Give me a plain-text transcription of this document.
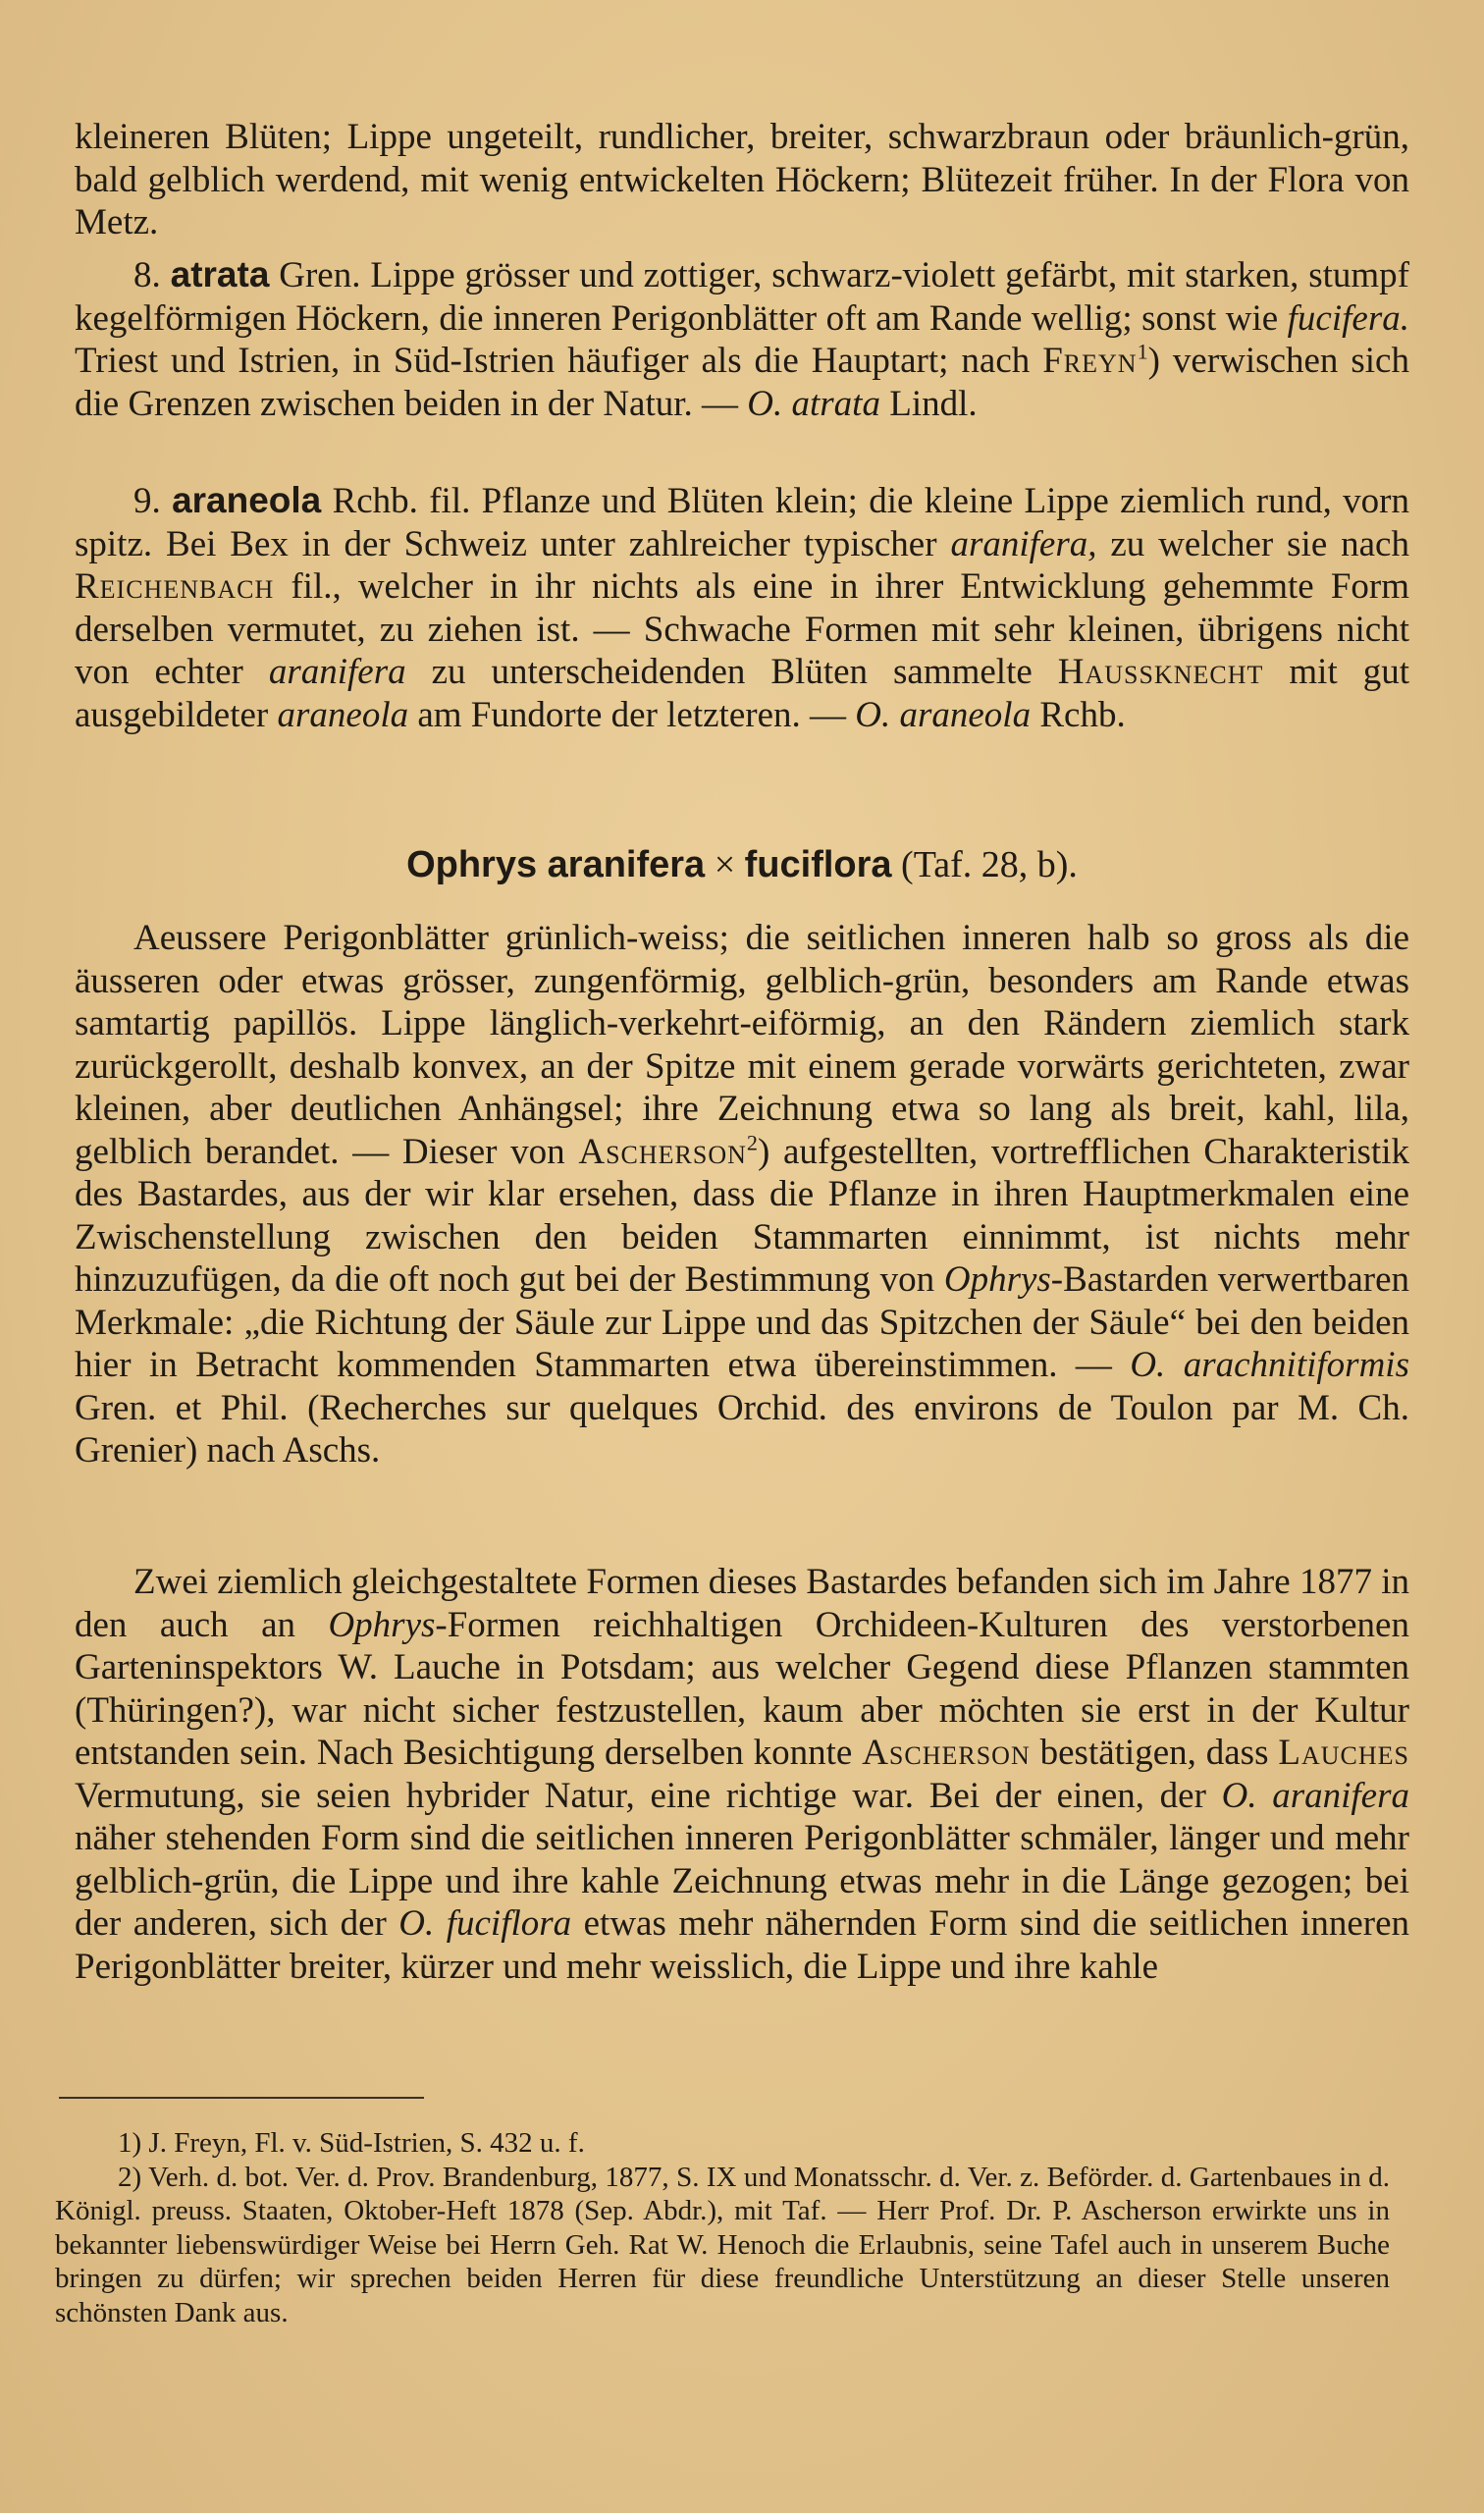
kleineren Blüten; Lippe ungeteilt, rundlicher, breiter, schwarzbraun oder bräunlich-grün, bald gelblich werdend, mit wenig entwickelten Höckern; Blütezeit früher. In der Flora von Metz.

8. atrata Gren. Lippe grösser und zottiger, schwarz-violett gefärbt, mit starken, stumpf kegelförmigen Höckern, die inneren Perigonblätter oft am Rande wellig; sonst wie fucifera. Triest und Istrien, in Süd-Istrien häufiger als die Hauptart; nach Freyn$^1$) verwischen sich die Grenzen zwischen beiden in der Natur. — O. atrata Lindl.

9. araneola Rchb. fil. Pflanze und Blüten klein; die kleine Lippe ziemlich rund, vorn spitz. Bei Bex in der Schweiz unter zahlreicher typischer aranifera, zu welcher sie nach Reichenbach fil., welcher in ihr nichts als eine in ihrer Entwicklung gehemmte Form derselben vermutet, zu ziehen ist. — Schwache Formen mit sehr kleinen, übrigens nicht von echter aranifera zu unterscheidenden Blüten sammelte Haussknecht mit gut ausgebildeter araneola am Fundorte der letzteren. — O. araneola Rchb.

Ophrys aranifera × fuciflora (Taf. 28, b).

Aeussere Perigonblätter grünlich-weiss; die seitlichen inneren halb so gross als die äusseren oder etwas grösser, zungenförmig, gelblich-grün, besonders am Rande etwas samtartig papillös. Lippe länglich-verkehrt-eiförmig, an den Rändern ziemlich stark zurückgerollt, deshalb konvex, an der Spitze mit einem gerade vorwärts gerichteten, zwar kleinen, aber deutlichen Anhängsel; ihre Zeichnung etwa so lang als breit, kahl, lila, gelblich berandet. — Dieser von Ascherson$^2$) aufgestellten, vortrefflichen Charakteristik des Bastardes, aus der wir klar ersehen, dass die Pflanze in ihren Hauptmerkmalen eine Zwischenstellung zwischen den beiden Stammarten einnimmt, ist nichts mehr hinzuzufügen, da die oft noch gut bei der Bestimmung von Ophrys-Bastarden verwertbaren Merkmale: „die Richtung der Säule zur Lippe und das Spitzchen der Säule“ bei den beiden hier in Betracht kommenden Stammarten etwa übereinstimmen. — O. arachnitiformis Gren. et Phil. (Recherches sur quelques Orchid. des environs de Toulon par M. Ch. Grenier) nach Aschs.

Zwei ziemlich gleichgestaltete Formen dieses Bastardes befanden sich im Jahre 1877 in den auch an Ophrys-Formen reichhaltigen Orchideen-Kulturen des verstorbenen Garteninspektors W. Lauche in Potsdam; aus welcher Gegend diese Pflanzen stammten (Thüringen?), war nicht sicher festzustellen, kaum aber möchten sie erst in der Kultur entstanden sein. Nach Besichtigung derselben konnte Ascherson bestätigen, dass Lauches Vermutung, sie seien hybrider Natur, eine richtige war. Bei der einen, der O. aranifera näher stehenden Form sind die seitlichen inneren Perigonblätter schmäler, länger und mehr gelblich-grün, die Lippe und ihre kahle Zeichnung etwas mehr in die Länge gezogen; bei der anderen, sich der O. fuciflora etwas mehr nähernden Form sind die seitlichen inneren Perigonblätter breiter, kürzer und mehr weisslich, die Lippe und ihre kahle

1) J. Freyn, Fl. v. Süd-Istrien, S. 432 u. f.

2) Verh. d. bot. Ver. d. Prov. Brandenburg, 1877, S. IX und Monatsschr. d. Ver. z. Beförder. d. Gartenbaues in d. Königl. preuss. Staaten, Oktober-Heft 1878 (Sep. Abdr.), mit Taf. — Herr Prof. Dr. P. Ascherson erwirkte uns in bekannter liebenswürdiger Weise bei Herrn Geh. Rat W. Henoch die Erlaubnis, seine Tafel auch in unserem Buche bringen zu dürfen; wir sprechen beiden Herren für diese freundliche Unterstützung an dieser Stelle unseren schönsten Dank aus.
